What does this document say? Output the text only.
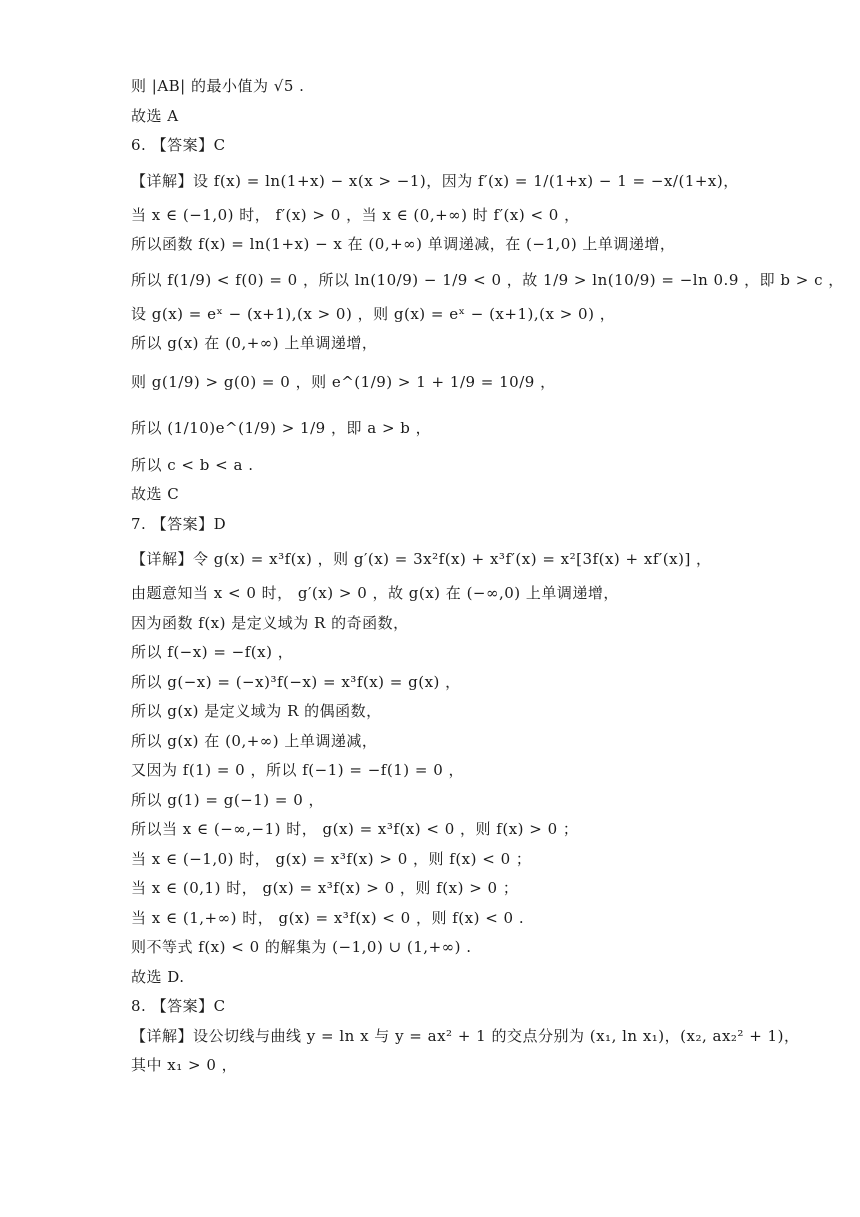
则 |AB| 的最小值为 √5 .
故选 A
6. 【答案】C
【详解】设 f(x) = ln(1+x) − x(x > −1)，因为 f′(x) = 1/(1+x) − 1 = −x/(1+x)，
当 x ∈ (−1,0) 时， f′(x) > 0 ，当 x ∈ (0,+∞) 时 f′(x) < 0 ，
所以函数 f(x) = ln(1+x) − x 在 (0,+∞) 单调递减，在 (−1,0) 上单调递增，
所以 f(1/9) < f(0) = 0 ，所以 ln(10/9) − 1/9 < 0 ，故 1/9 > ln(10/9) = −ln 0.9 ，即 b > c ，
设 g(x) = eˣ − (x+1),(x > 0) ，则 g(x) = eˣ − (x+1),(x > 0) ，
所以 g(x) 在 (0,+∞) 上单调递增，
则 g(1/9) > g(0) = 0 ，则 e^(1/9) > 1 + 1/9 = 10/9 ，
所以 (1/10)e^(1/9) > 1/9 ，即 a > b ，
所以 c < b < a .
故选 C
7. 【答案】D
【详解】令 g(x) = x³f(x) ，则 g′(x) = 3x²f(x) + x³f′(x) = x²[3f(x) + xf′(x)] ，
由题意知当 x < 0 时， g′(x) > 0 ，故 g(x) 在 (−∞,0) 上单调递增，
因为函数 f(x) 是定义域为 R 的奇函数，
所以 f(−x) = −f(x) ，
所以 g(−x) = (−x)³f(−x) = x³f(x) = g(x) ，
所以 g(x) 是定义域为 R 的偶函数，
所以 g(x) 在 (0,+∞) 上单调递减，
又因为 f(1) = 0 ，所以 f(−1) = −f(1) = 0 ，
所以 g(1) = g(−1) = 0 ，
所以当 x ∈ (−∞,−1) 时， g(x) = x³f(x) < 0 ，则 f(x) > 0 ；
当 x ∈ (−1,0) 时， g(x) = x³f(x) > 0 ，则 f(x) < 0 ；
当 x ∈ (0,1) 时， g(x) = x³f(x) > 0 ，则 f(x) > 0 ；
当 x ∈ (1,+∞) 时， g(x) = x³f(x) < 0 ，则 f(x) < 0 .
则不等式 f(x) < 0 的解集为 (−1,0) ∪ (1,+∞) .
故选 D.
8. 【答案】C
【详解】设公切线与曲线 y = ln x 与 y = ax² + 1 的交点分别为 (x₁, ln x₁)，(x₂, ax₂² + 1)，
其中 x₁ > 0 ，
